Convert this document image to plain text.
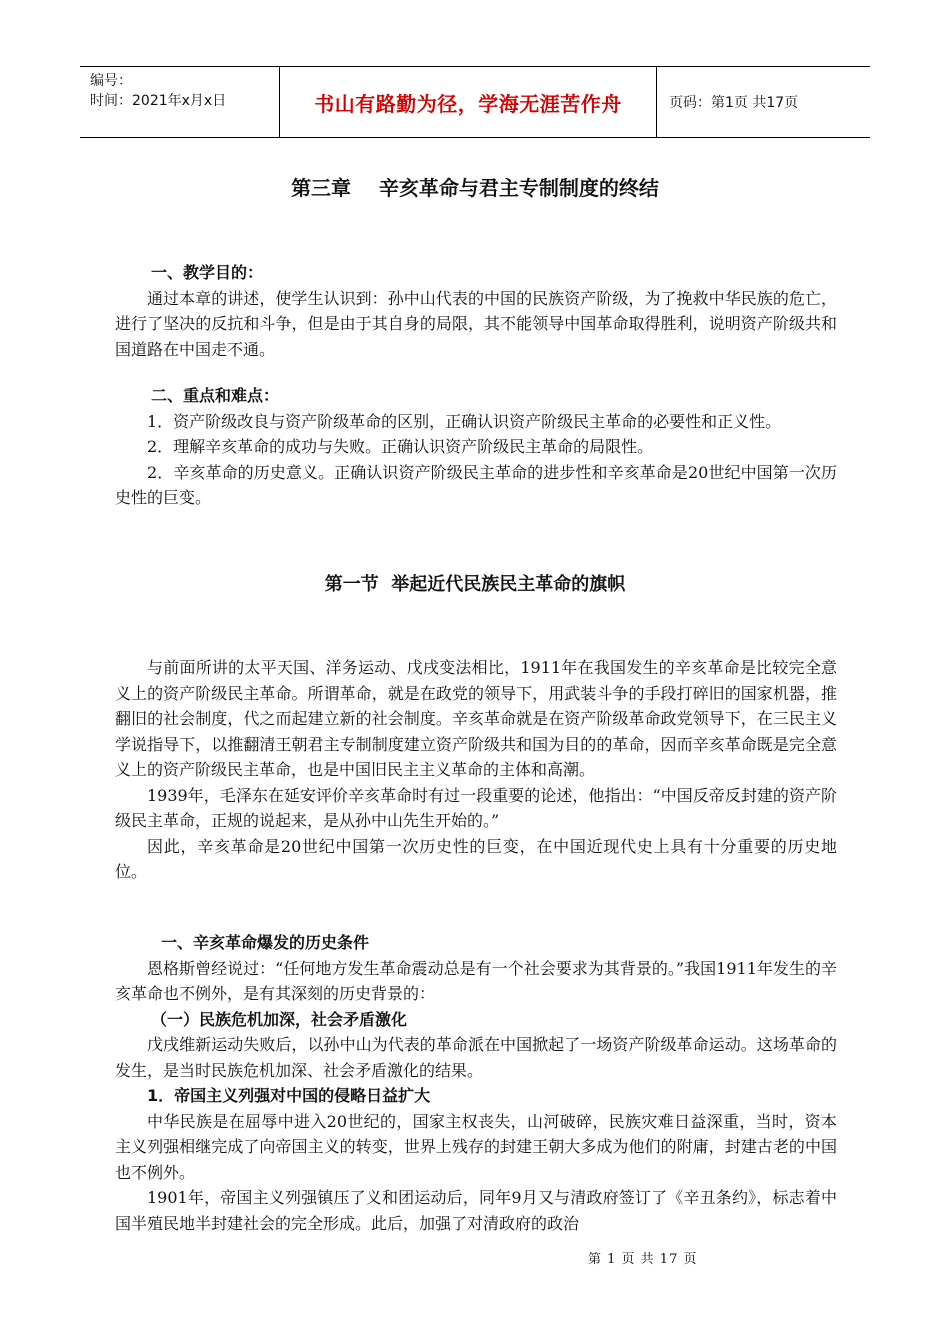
编号：
时间：2021年x月x日	书山有路勤为径，学海无涯苦作舟	页码：第1页 共17页
第三章    辛亥革命与君主专制制度的终结

一、教学目的：

通过本章的讲述，使学生认识到：孙中山代表的中国的民族资产阶级，为了挽救中华民族的危亡，进行了坚决的反抗和斗争，但是由于其自身的局限，其不能领导中国革命取得胜利，说明资产阶级共和国道路在中国走不通。

二、重点和难点：

1．资产阶级改良与资产阶级革命的区别，正确认识资产阶级民主革命的必要性和正义性。

2．理解辛亥革命的成功与失败。正确认识资产阶级民主革命的局限性。

2．辛亥革命的历史意义。正确认识资产阶级民主革命的进步性和辛亥革命是20世纪中国第一次历史性的巨变。

第一节  举起近代民族民主革命的旗帜

与前面所讲的太平天国、洋务运动、戊戌变法相比，1911年在我国发生的辛亥革命是比较完全意义上的资产阶级民主革命。所谓革命，就是在政党的领导下，用武装斗争的手段打碎旧的国家机器，推翻旧的社会制度，代之而起建立新的社会制度。辛亥革命就是在资产阶级革命政党领导下，在三民主义学说指导下，以推翻清王朝君主专制制度建立资产阶级共和国为目的的革命，因而辛亥革命既是完全意义上的资产阶级民主革命，也是中国旧民主主义革命的主体和高潮。

1939年，毛泽东在延安评价辛亥革命时有过一段重要的论述，他指出：“中国反帝反封建的资产阶级民主革命，正规的说起来，是从孙中山先生开始的。”

因此，辛亥革命是20世纪中国第一次历史性的巨变，在中国近现代史上具有十分重要的历史地位。

一、辛亥革命爆发的历史条件

恩格斯曾经说过：“任何地方发生革命震动总是有一个社会要求为其背景的。”我国1911年发生的辛亥革命也不例外，是有其深刻的历史背景的：

（一）民族危机加深，社会矛盾激化

戊戌维新运动失败后，以孙中山为代表的革命派在中国掀起了一场资产阶级革命运动。这场革命的发生，是当时民族危机加深、社会矛盾激化的结果。

1．帝国主义列强对中国的侵略日益扩大

中华民族是在屈辱中进入20世纪的，国家主权丧失，山河破碎，民族灾难日益深重，当时，资本主义列强相继完成了向帝国主义的转变，世界上残存的封建王朝大多成为他们的附庸，封建古老的中国也不例外。

1901年，帝国主义列强镇压了义和团运动后，同年9月又与清政府签订了《辛丑条约》，标志着中国半殖民地半封建社会的完全形成。此后，加强了对清政府的政治

第 1 页 共 17 页
